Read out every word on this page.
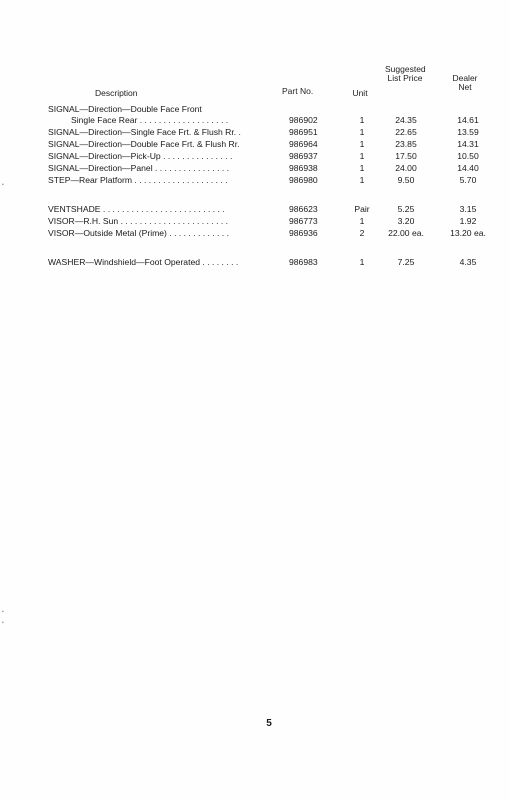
Description	Part No.	Unit
Suggested List Price	Dealer Net
SIGNAL—Direction—Double Face Front
Single Face Rear . . . . . . . . . . . . . . . . . . .	986902	1	24.35	14.61
SIGNAL—Direction—Single Face Frt. & Flush Rr. .	986951	1	22.65	13.59
SIGNAL—Direction—Double Face Frt. & Flush Rr.	986964	1	23.85	14.31
SIGNAL—Direction—Pick-Up . . . . . . . . . . . . . . .	986937	1	17.50	10.50
SIGNAL—Direction—Panel . . . . . . . . . . . . . . . .	986938	1	24.00	14.40
STEP—Rear Platform . . . . . . . . . . . . . . . . . . . .	986980	1	9.50	5.70
VENTSHADE . . . . . . . . . . . . . . . . . . . . . . . . . .	986623	Pair	5.25	3.15
VISOR—R.H. Sun . . . . . . . . . . . . . . . . . . . . . . .	986773	1	3.20	1.92
VISOR—Outside Metal (Prime) . . . . . . . . . . . . .	986936	2	22.00 ea.	13.20 ea.
WASHER—Windshield—Foot Operated . . . . . . . .	986983	1	7.25	4.35
5
•
•
•
